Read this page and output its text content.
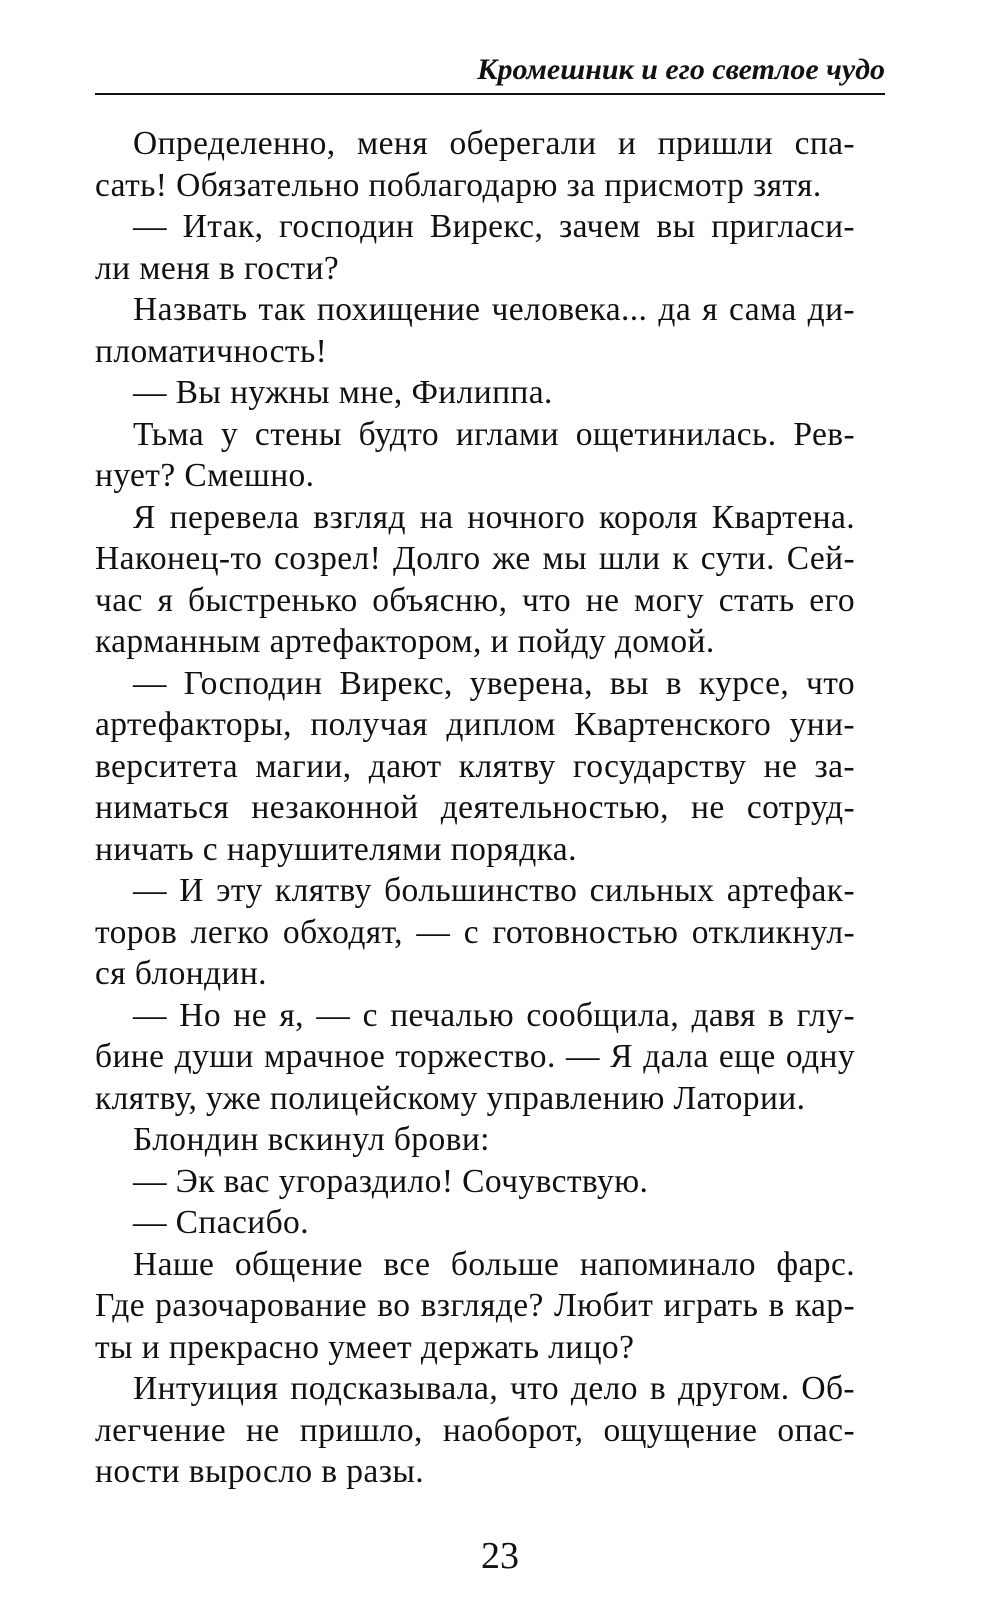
Кромешник и его светлое чудо
Определенно, меня оберегали и пришли спа-
сать! Обязательно поблагодарю за присмотр зятя.
— Итак, господин Вирекс, зачем вы пригласи-
ли меня в гости?
Назвать так похищение человека... да я сама ди-
пломатичность!
— Вы нужны мне, Филиппа.
Тьма у стены будто иглами ощетинилась. Рев-
нует? Смешно.
Я перевела взгляд на ночного короля Квартена.
Наконец-то созрел! Долго же мы шли к сути. Сей-
час я быстренько объясню, что не могу стать его
карманным артефактором, и пойду домой.
— Господин Вирекс, уверена, вы в курсе, что
артефакторы, получая диплом Квартенского уни-
верситета магии, дают клятву государству не за-
ниматься незаконной деятельностью, не сотруд-
ничать с нарушителями порядка.
— И эту клятву большинство сильных артефак-
торов легко обходят, — с готовностью откликнул-
ся блондин.
— Но не я, — с печалью сообщила, давя в глу-
бине души мрачное торжество. — Я дала еще одну
клятву, уже полицейскому управлению Латории.
Блондин вскинул брови:
— Эк вас угораздило! Сочувствую.
— Спасибо.
Наше общение все больше напоминало фарс.
Где разочарование во взгляде? Любит играть в кар-
ты и прекрасно умеет держать лицо?
Интуиция подсказывала, что дело в другом. Об-
легчение не пришло, наоборот, ощущение опас-
ности выросло в разы.
23
